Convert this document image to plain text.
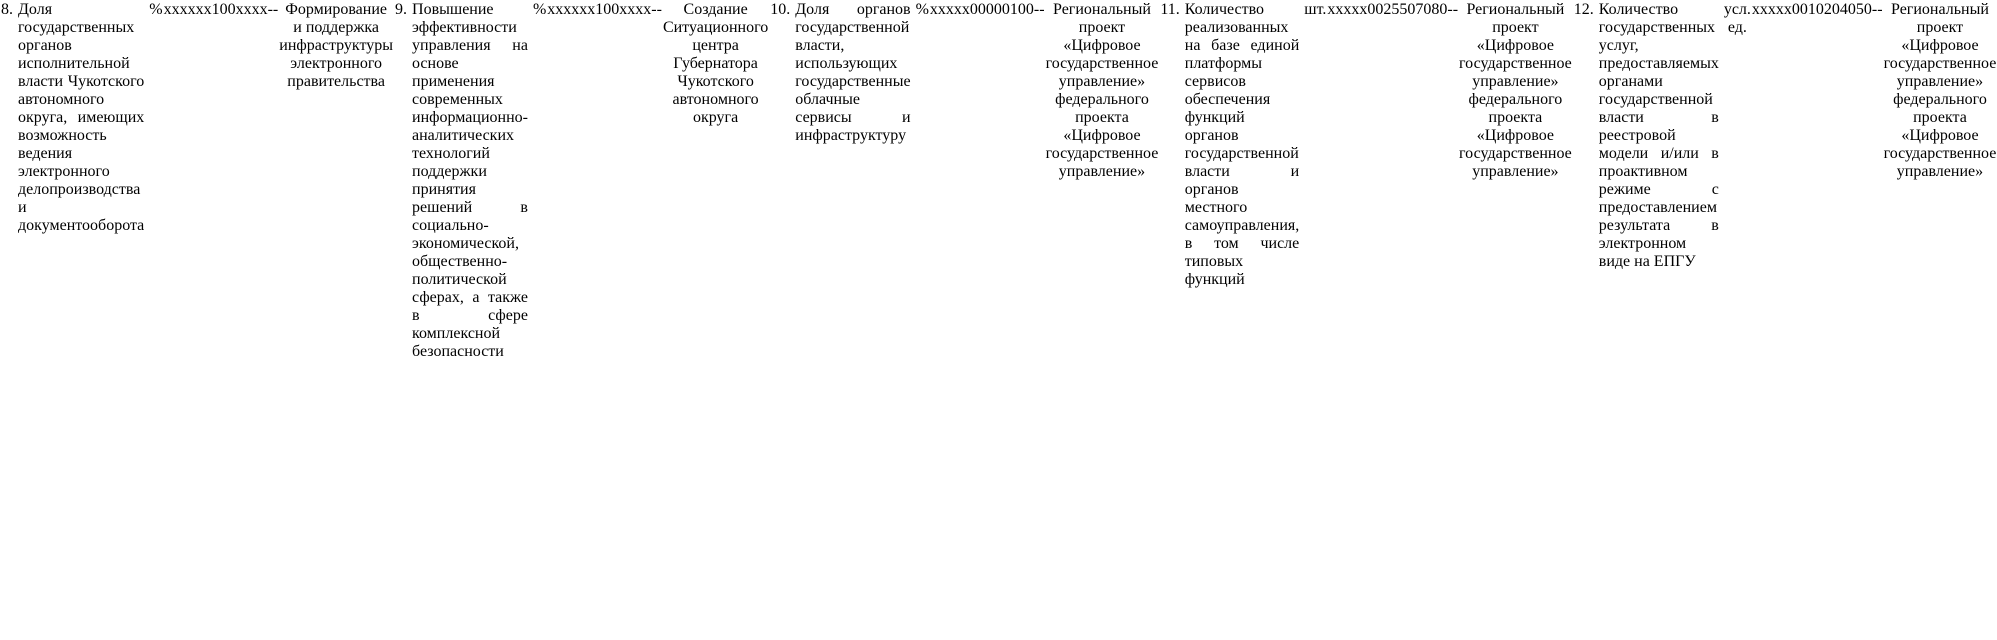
8.	Доля государственных органов исполнительной власти Чукотского автономного округа, имеющих возможность ведения электронного делопроизводства и документооборота	%	x	x	x	x	x	x	100	x	x	x	x	-	-	Формирование и поддержка инфраструктуры электронного правительства	9.	Повышение эффективности управления на основе применения современных информационно-аналитических технологий поддержки принятия решений в социально-экономической, общественно-политической сферах, а также в сфере комплексной безопасности	%	x	x	x	x	x	x	100	x	x	x	x	-	-	Создание Ситуационного центра Губернатора Чукотского автономного округа	10.	Доля органов государственной власти, использующих государственные облачные сервисы и инфраструктуру	%	x	x	x	x	x	0	0	0	0	0	100	-	-	Региональный проект «Цифровое государственное управление» федерального проекта «Цифровое государственное управление»	11.	Количество реализованных на базе единой платформы сервисов обеспечения функций органов государственной власти и органов местного самоуправления, в том числе типовых функций	шт.	x	x	x	x	x	0	0	25	50	70	80	-	-	Региональный проект «Цифровое государственное управление» федерального проекта «Цифровое государственное управление»	12.	Количество государственных услуг, предоставляемых органами государственной власти в реестровой модели и/или в проактивном режиме с предоставлением результата в электронном виде на ЕПГУ	усл. ед.	x	x	x	x	x	0	0	10	20	40	50	-	-	Региональный проект «Цифровое государственное управление» федерального проекта «Цифровое государственное управление»
